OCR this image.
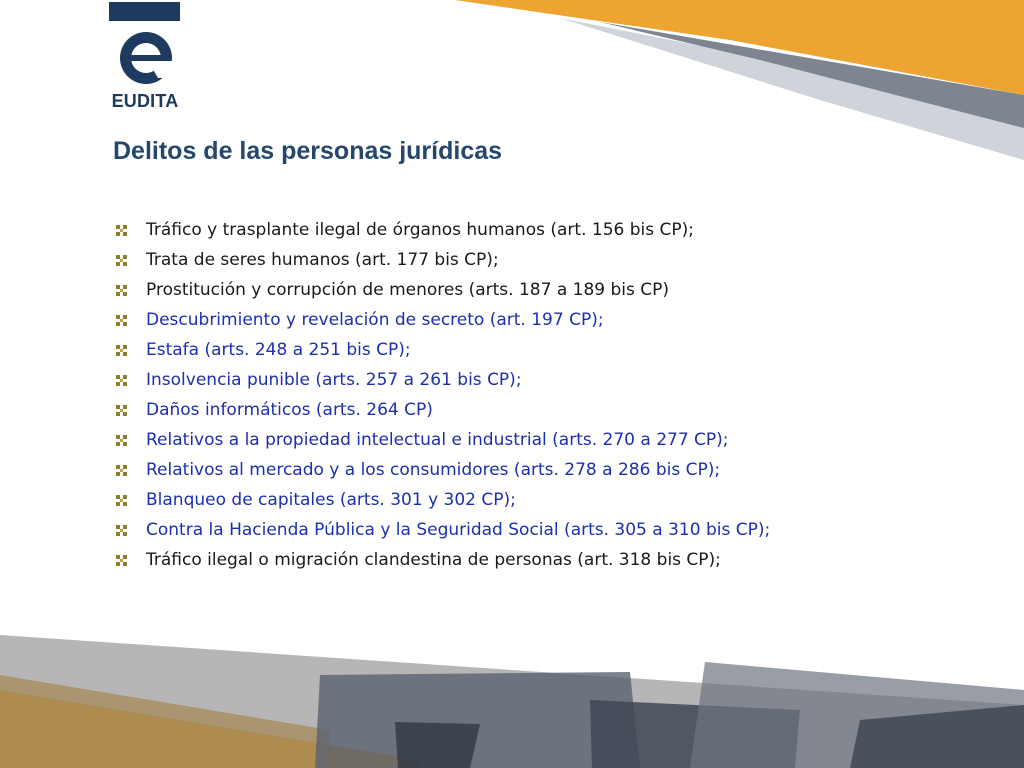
EUDITA
Delitos de las personas jurídicas
Tráfico y trasplante ilegal de órganos humanos (art. 156 bis CP);
Trata de seres humanos (art. 177 bis CP);
Prostitución y corrupción de menores (arts. 187 a 189 bis CP)
Descubrimiento y revelación de secreto (art. 197 CP);
Estafa (arts. 248 a 251 bis CP);
Insolvencia punible (arts. 257 a 261 bis CP);
Daños informáticos (arts. 264 CP)
Relativos a la propiedad intelectual e industrial (arts. 270 a 277 CP);
Relativos al mercado y a los consumidores (arts. 278 a 286 bis CP);
Blanqueo de capitales (arts. 301 y 302 CP);
Contra la Hacienda Pública y la Seguridad Social (arts. 305 a 310 bis CP);
Tráfico ilegal o migración clandestina de personas (art. 318 bis CP);
